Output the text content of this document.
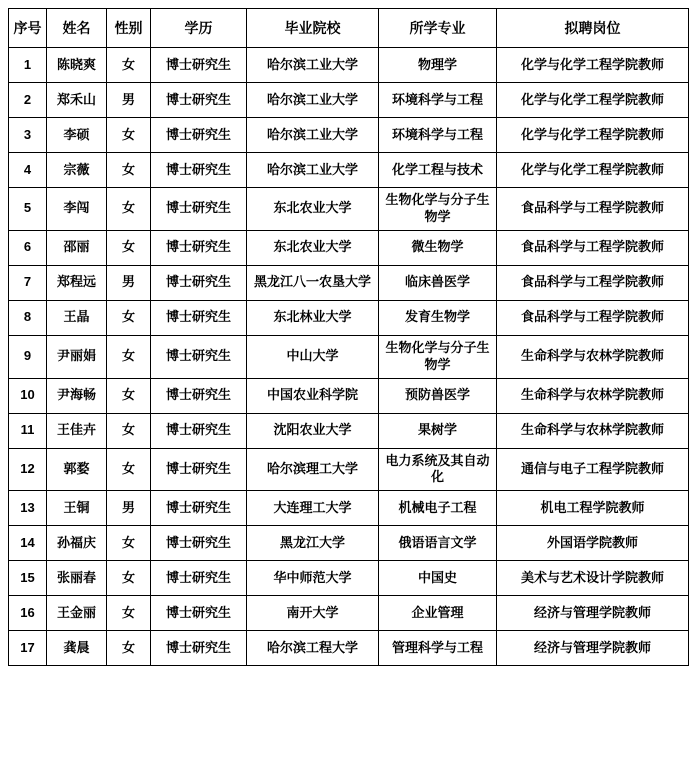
序号	姓名	性别	学历	毕业院校	所学专业	拟聘岗位
1	陈晓爽	女	博士研究生	哈尔滨工业大学	物理学	化学与化学工程学院教师
2	郑禾山	男	博士研究生	哈尔滨工业大学	环境科学与工程	化学与化学工程学院教师
3	李硕	女	博士研究生	哈尔滨工业大学	环境科学与工程	化学与化学工程学院教师
4	宗薇	女	博士研究生	哈尔滨工业大学	化学工程与技术	化学与化学工程学院教师
5	李闯	女	博士研究生	东北农业大学	生物化学与分子生物学	食品科学与工程学院教师
6	邵丽	女	博士研究生	东北农业大学	微生物学	食品科学与工程学院教师
7	郑程远	男	博士研究生	黑龙江八一农垦大学	临床兽医学	食品科学与工程学院教师
8	王晶	女	博士研究生	东北林业大学	发育生物学	食品科学与工程学院教师
9	尹丽娟	女	博士研究生	中山大学	生物化学与分子生物学	生命科学与农林学院教师
10	尹海畅	女	博士研究生	中国农业科学院	预防兽医学	生命科学与农林学院教师
11	王佳卉	女	博士研究生	沈阳农业大学	果树学	生命科学与农林学院教师
12	郭婺	女	博士研究生	哈尔滨理工大学	电力系统及其自动化	通信与电子工程学院教师
13	王铜	男	博士研究生	大连理工大学	机械电子工程	机电工程学院教师
14	孙福庆	女	博士研究生	黑龙江大学	俄语语言文学	外国语学院教师
15	张丽春	女	博士研究生	华中师范大学	中国史	美术与艺术设计学院教师
16	王金丽	女	博士研究生	南开大学	企业管理	经济与管理学院教师
17	龚晨	女	博士研究生	哈尔滨工程大学	管理科学与工程	经济与管理学院教师
